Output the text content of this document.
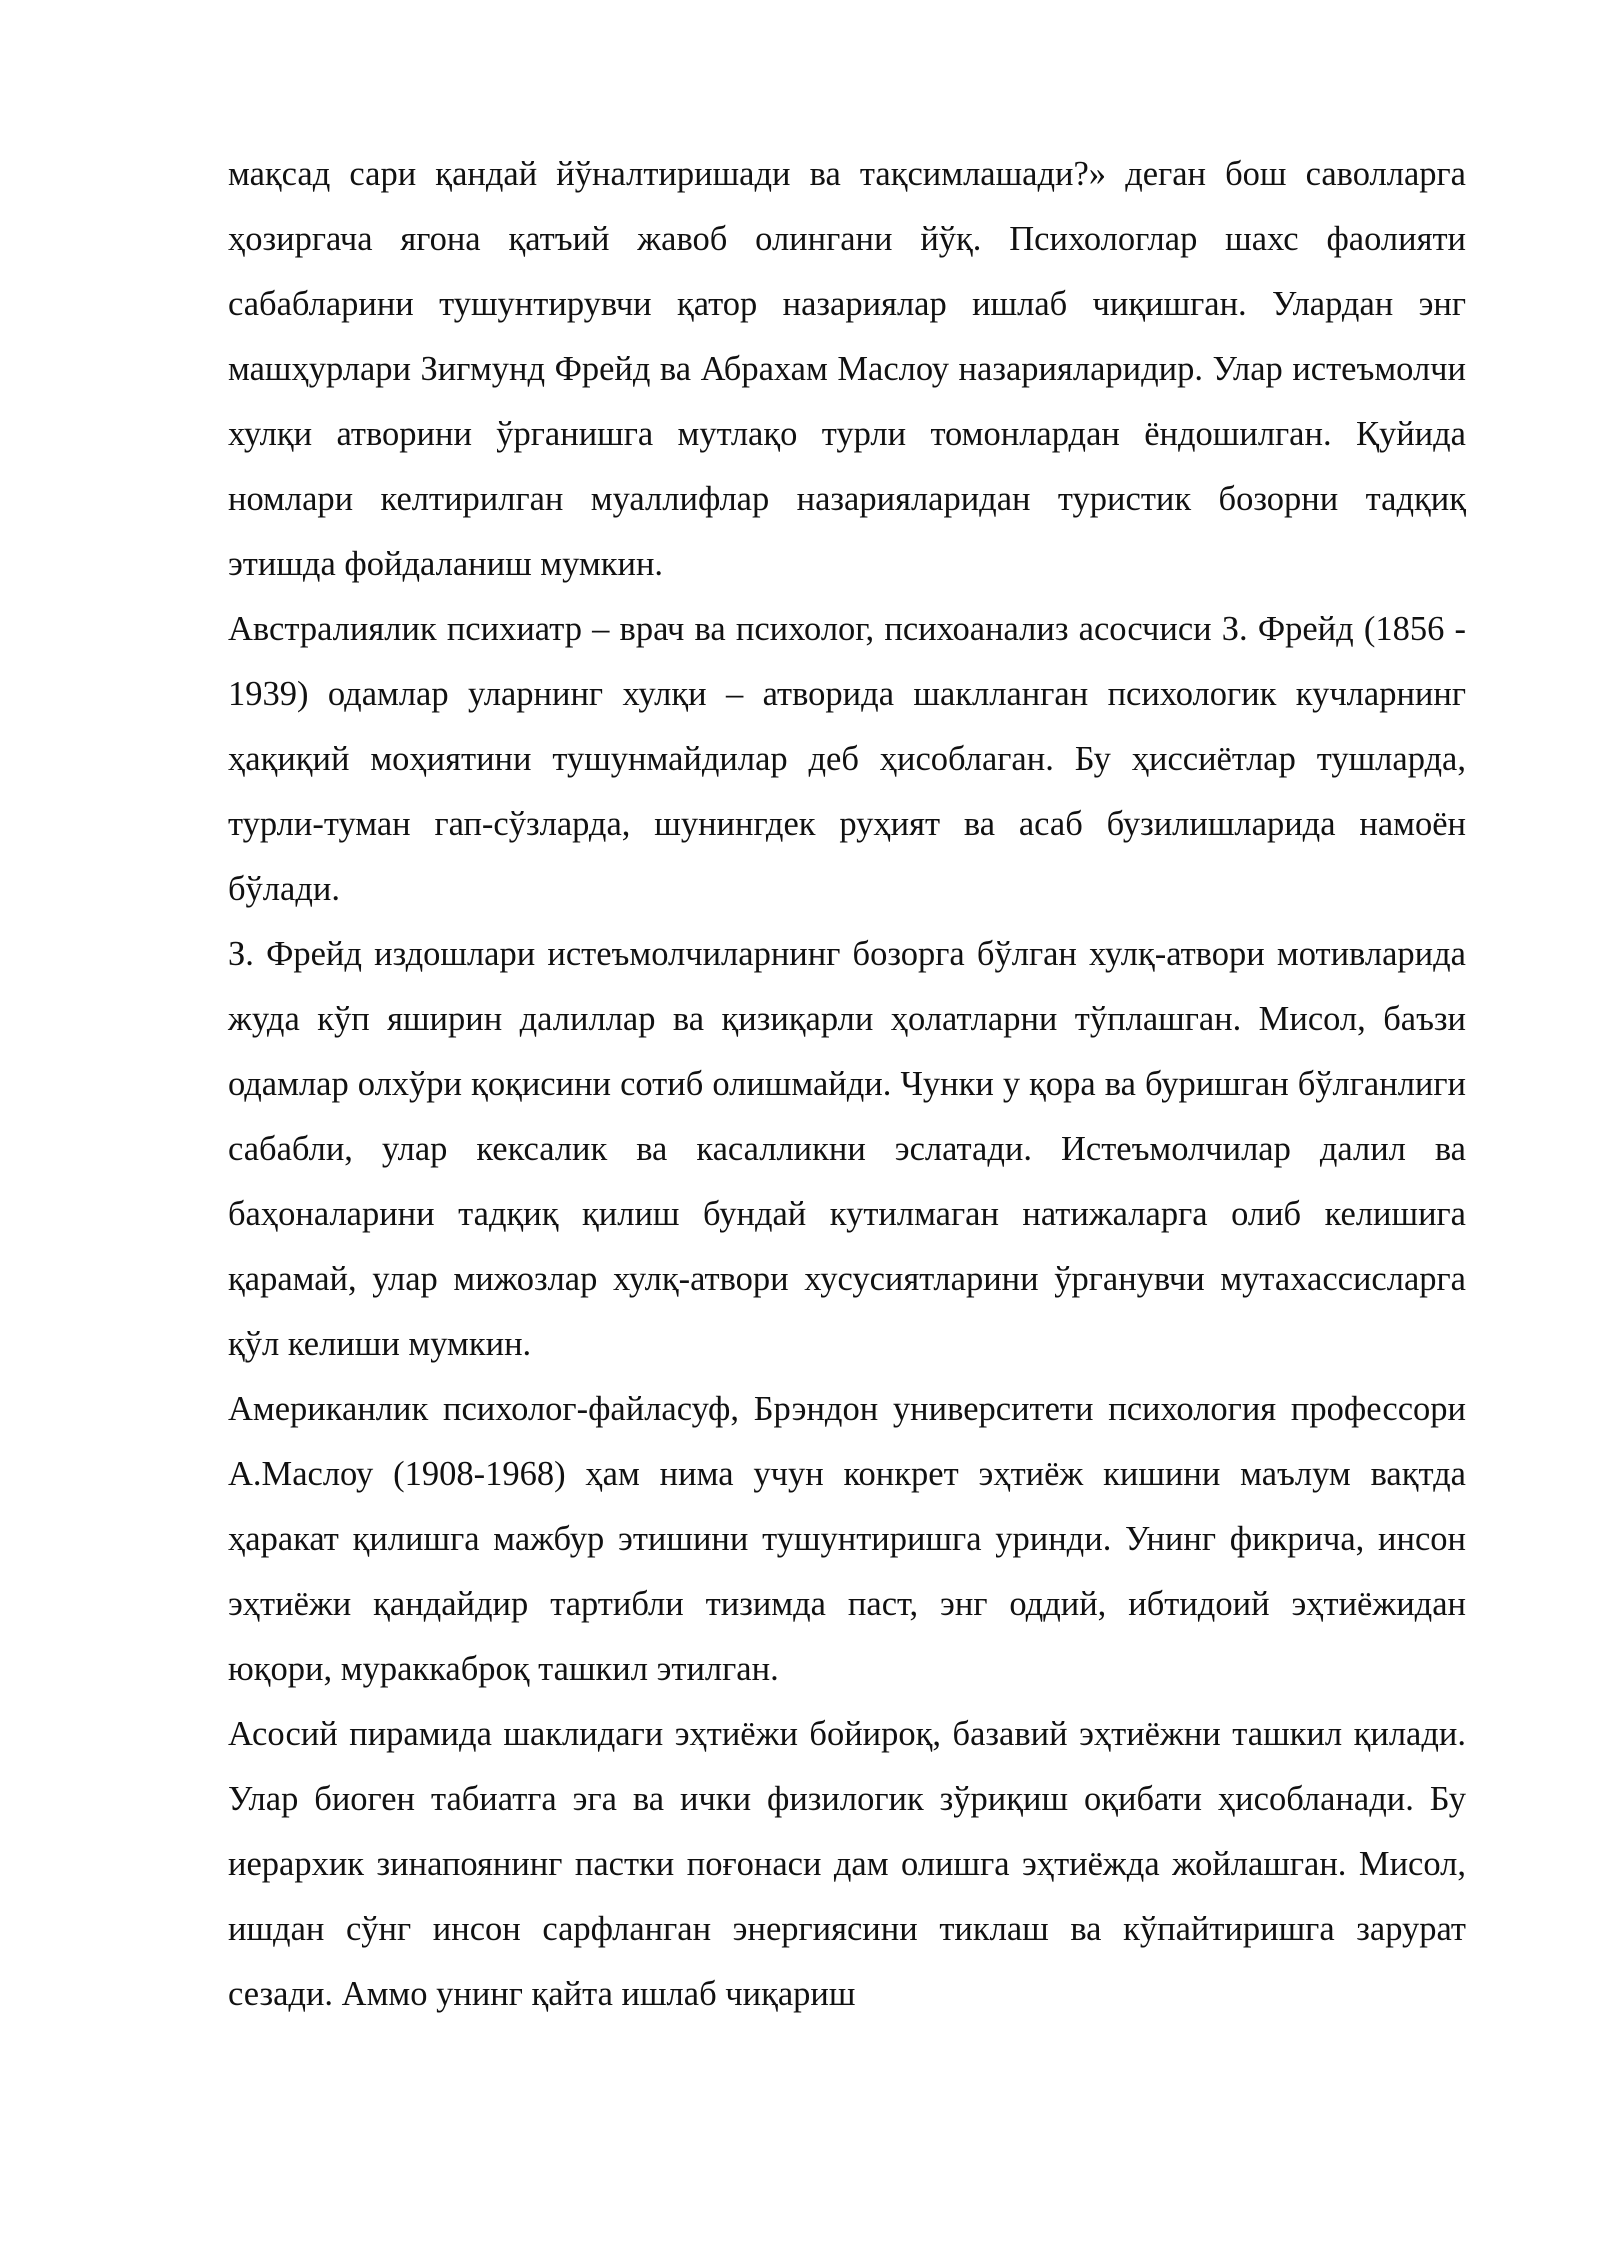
мақсад сари қандай йўналтиришади ва тақсимлашади?» деган бош саволларга ҳозиргача ягона қатъий жавоб олингани йўқ. Психологлар шахс фаолияти сабабларини тушунтирувчи қатор назариялар ишлаб чиқишган. Улардан энг машҳурлари Зигмунд Фрейд ва Абрахам Маслоу назарияларидир. Улар истеъмолчи хулқи атворини ўрганишга мутлақо турли томонлардан ёндошилган. Қуйида номлари келтирилган муаллифлар назарияларидан туристик бозорни тадқиқ этишда фойдаланиш мумкин.

Австралиялик психиатр – врач ва психолог, психоанализ асосчиси З. Фрейд (1856 - 1939) одамлар уларнинг хулқи – атворида шаклланган психологик кучларнинг ҳақиқий моҳиятини тушунмайдилар деб ҳисоблаган. Бу ҳиссиётлар тушларда, турли-туман гап-сўзларда, шунингдек руҳият ва асаб бузилишларида намоён бўлади.

З. Фрейд издошлари истеъмолчиларнинг бозорга бўлган хулқ-атвори мотивларида жуда кўп яширин далиллар ва қизиқарли ҳолатларни тўплашган. Мисол, баъзи одамлар олхўри қоқисини сотиб олишмайди. Чунки у қора ва буришган бўлганлиги сабабли, улар кексалик ва касалликни эслатади. Истеъмолчилар далил ва баҳоналарини тадқиқ қилиш бундай кутилмаган натижаларга олиб келишига қарамай, улар мижозлар хулқ-атвори хусусиятларини ўрганувчи мутахассисларга қўл келиши мумкин.

Американлик психолог-файласуф, Брэндон университети психология профессори А.Маслоу (1908-1968) ҳам нима учун конкрет эҳтиёж кишини маълум вақтда ҳаракат қилишга мажбур этишини тушунтиришга уринди. Унинг фикрича, инсон эҳтиёжи қандайдир тартибли тизимда паст, энг оддий, ибтидоий эҳтиёжидан юқори, мураккаброқ ташкил этилган.

Асосий пирамида шаклидаги эҳтиёжи бойироқ, базавий эҳтиёжни ташкил қилади. Улар биоген табиатга эга ва ички физилогик зўриқиш оқибати ҳисобланади. Бу иерархик зинапоянинг пастки поғонаси дам олишга эҳтиёжда жойлашган. Мисол, ишдан сўнг инсон сарфланган энергиясини тиклаш ва кўпайтиришга зарурат сезади. Аммо унинг қайта ишлаб чиқариш
